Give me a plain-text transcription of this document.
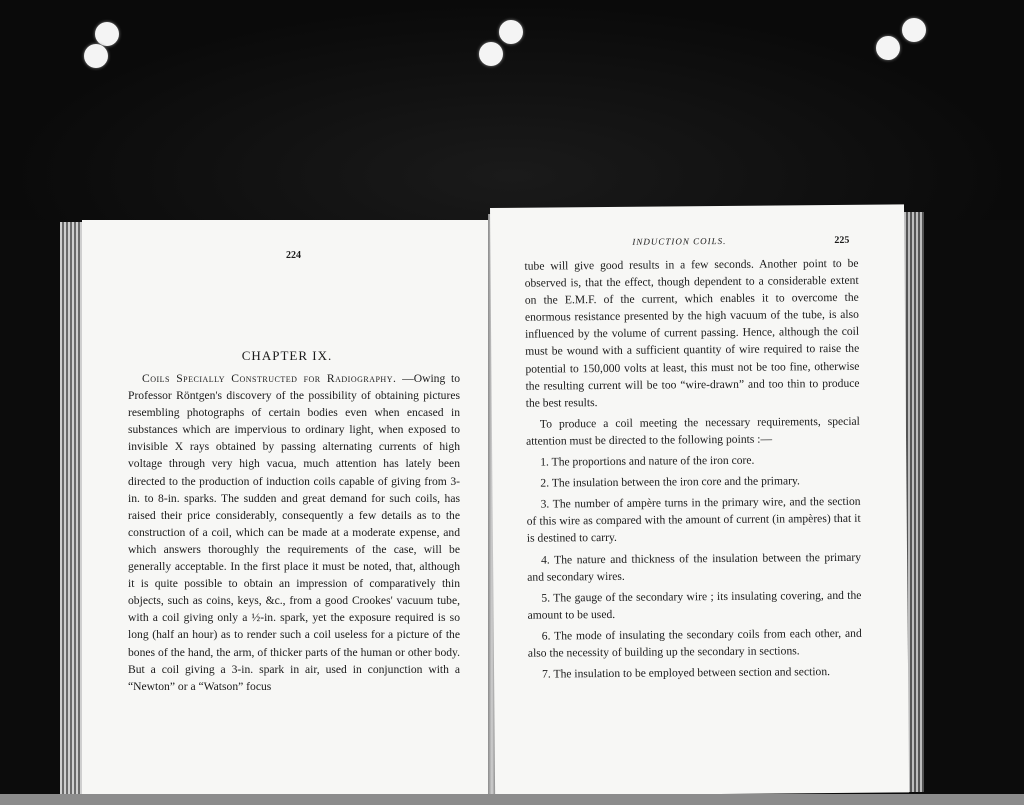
224
CHAPTER IX.

Coils Specially Constructed for Radiography. —Owing to Professor Röntgen's discovery of the possibility of obtaining pictures resembling photographs of certain bodies even when encased in substances which are impervious to ordinary light, when exposed to invisible X rays obtained by passing alternating currents of high voltage through very high vacua, much attention has lately been directed to the production of induction coils capable of giving from 3-in. to 8-in. sparks. The sudden and great demand for such coils, has raised their price considerably, consequently a few details as to the construction of a coil, which can be made at a moderate expense, and which answers thoroughly the requirements of the case, will be generally acceptable. In the first place it must be noted, that, although it is quite possible to obtain an impression of comparatively thin objects, such as coins, keys, &c., from a good Crookes' vacuum tube, with a coil giving only a ½-in. spark, yet the exposure required is so long (half an hour) as to render such a coil useless for a picture of the bones of the hand, the arm, of thicker parts of the human or other body. But a coil giving a 3-in. spark in air, used in conjunction with a “Newton” or a “Watson” focus

INDUCTION COILS.	225

tube will give good results in a few seconds. Another point to be observed is, that the effect, though dependent to a considerable extent on the E.M.F. of the current, which enables it to overcome the enormous resistance presented by the high vacuum of the tube, is also influenced by the volume of current passing. Hence, although the coil must be wound with a sufficient quantity of wire required to raise the potential to 150,000 volts at least, this must not be too fine, otherwise the resulting current will be too “wire-drawn” and too thin to produce the best results.

To produce a coil meeting the necessary requirements, special attention must be directed to the following points :—

1. The proportions and nature of the iron core.

2. The insulation between the iron core and the primary.

3. The number of ampère turns in the primary wire, and the section of this wire as compared with the amount of current (in ampères) that it is destined to carry.

4. The nature and thickness of the insulation between the primary and secondary wires.

5. The gauge of the secondary wire ; its insulating covering, and the amount to be used.

6. The mode of insulating the secondary coils from each other, and also the necessity of building up the secondary in sections.

7. The insulation to be employed between section and section.
